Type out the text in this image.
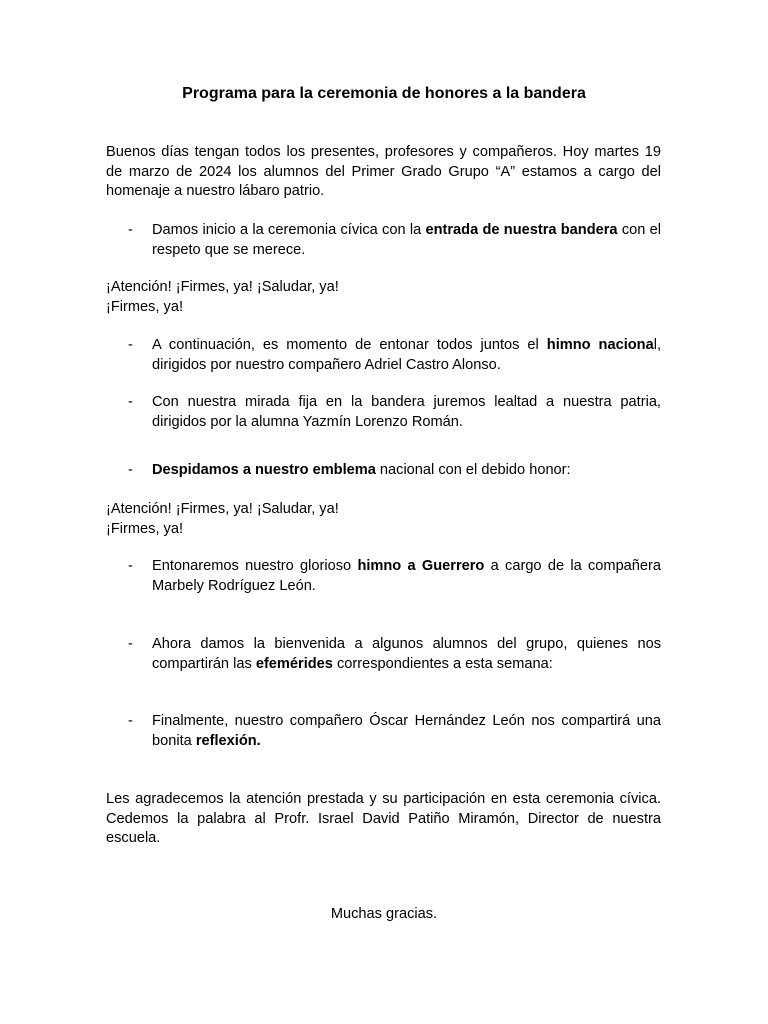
Programa para la ceremonia de honores a la bandera
Buenos días tengan todos los presentes, profesores y compañeros. Hoy martes 19 de marzo de 2024 los alumnos del Primer Grado Grupo “A” estamos a cargo del homenaje a nuestro lábaro patrio.
- Damos inicio a la ceremonia cívica con la entrada de nuestra bandera con el respeto que se merece.
¡Atención! ¡Firmes, ya! ¡Saludar, ya!
¡Firmes, ya!
- A continuación, es momento de entonar todos juntos el himno nacional, dirigidos por nuestro compañero Adriel Castro Alonso.
- Con nuestra mirada fija en la bandera juremos lealtad a nuestra patria, dirigidos por la alumna Yazmín Lorenzo Román.
- Despidamos a nuestro emblema nacional con el debido honor:
¡Atención! ¡Firmes, ya! ¡Saludar, ya!
¡Firmes, ya!
- Entonaremos nuestro glorioso himno a Guerrero a cargo de la compañera Marbely Rodríguez León.
- Ahora damos la bienvenida a algunos alumnos del grupo, quienes nos compartirán las efemérides correspondientes a esta semana:
- Finalmente, nuestro compañero Óscar Hernández León nos compartirá una bonita reflexión.
Les agradecemos la atención prestada y su participación en esta ceremonia cívica. Cedemos la palabra al Profr. Israel David Patiño Miramón, Director de nuestra escuela.
Muchas gracias.
